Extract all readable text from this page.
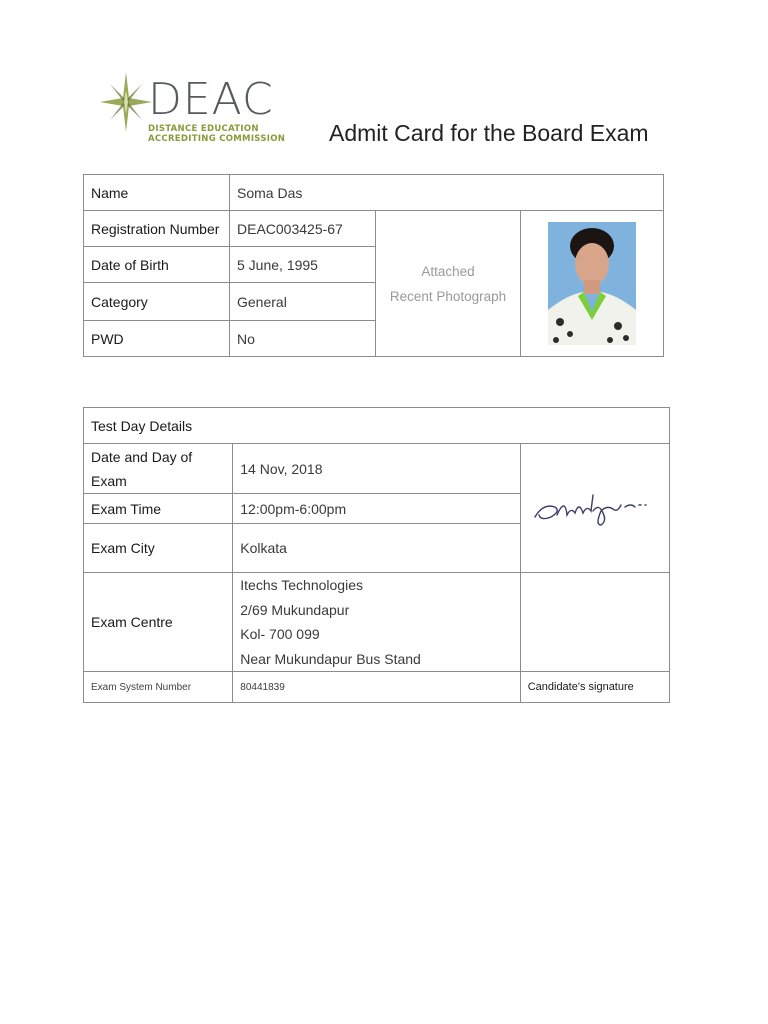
DEAC
DISTANCE EDUCATION
ACCREDITING COMMISSION Admit Card for the Board Exam
Name	Soma Das		
Registration Number	DEAC003425-67	Attached
Recent Photograph

Date of Birth	5 June, 1995		
Category	General		
PWD	No		
Test Day Details		
Date and Day of Exam	14 Nov, 2018	
Exam Time	12:00pm-6:00pm	
Exam City	Kolkata	
Exam Centre	Itechs Technologies
2/69 Mukundapur
Kol- 700 099
Near Mukundapur Bus Stand	

Exam System Number	80441839	Candidate's signature
